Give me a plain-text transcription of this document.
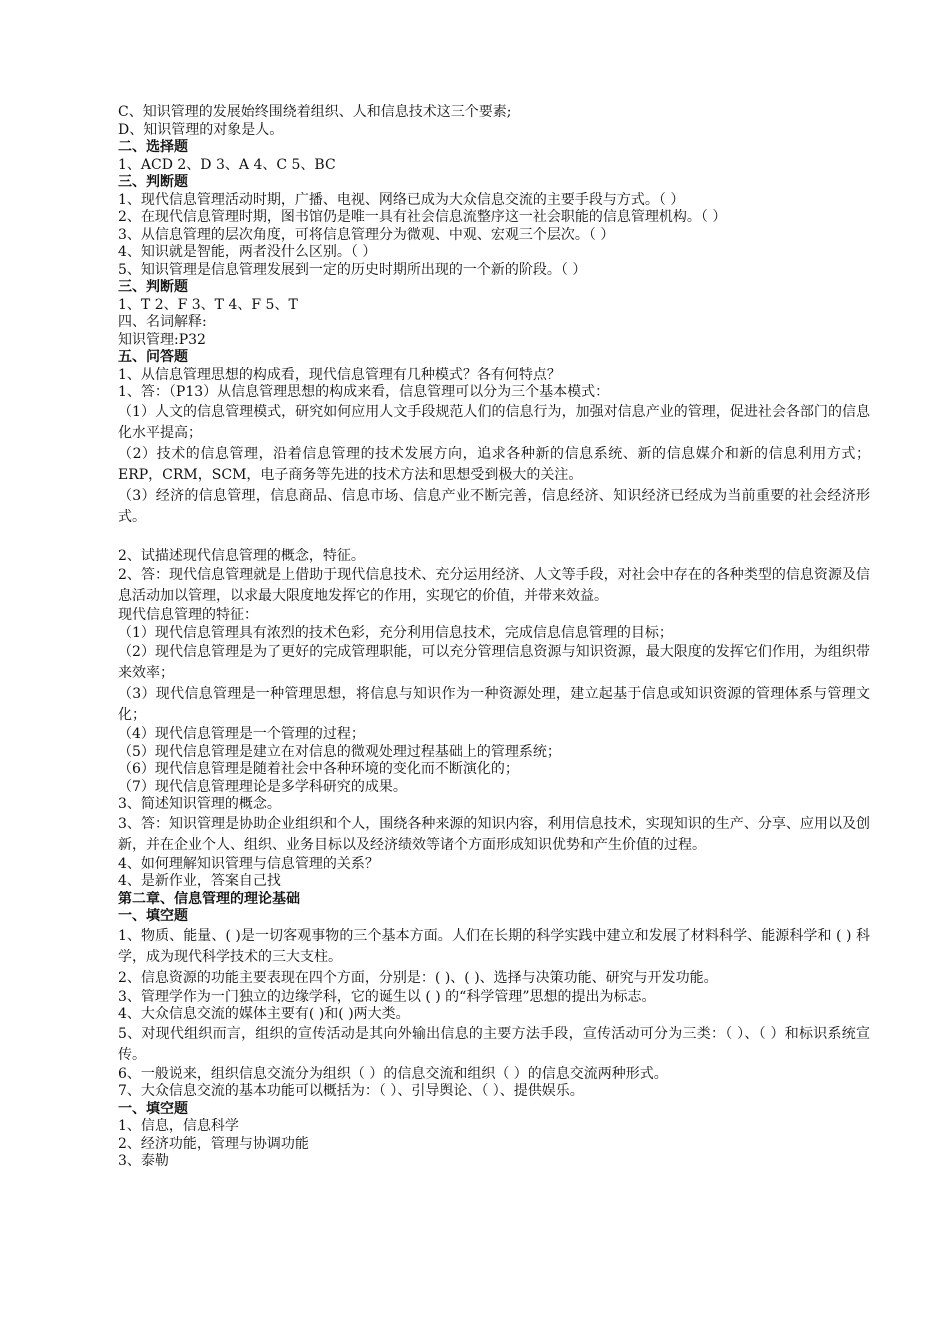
C、知识管理的发展始终围绕着组织、人和信息技术这三个要素;
D、知识管理的对象是人。
二、选择题
1、ACD 2、D 3、A 4、C 5、BC
三、判断题
1、现代信息管理活动时期，广播、电视、网络已成为大众信息交流的主要手段与方式。（ ）
2、在现代信息管理时期，图书馆仍是唯一具有社会信息流整序这一社会职能的信息管理机构。（ ）
3、从信息管理的层次角度，可将信息管理分为微观、中观、宏观三个层次。（ ）
4、知识就是智能，两者没什么区别。（ ）
5、知识管理是信息管理发展到一定的历史时期所出现的一个新的阶段。（ ）
三、判断题
1、T 2、F 3、T 4、F 5、T
四、名词解释:
知识管理:P32
五、问答题
1、从信息管理思想的构成看，现代信息管理有几种模式？各有何特点？
1、答：（P13）从信息管理思想的构成来看，信息管理可以分为三个基本模式：
（1）人文的信息管理模式，研究如何应用人文手段规范人们的信息行为，加强对信息产业的管理，促进社会各部门的信息化水平提高；
（2）技术的信息管理，沿着信息管理的技术发展方向，追求各种新的信息系统、新的信息媒介和新的信息利用方式；ERP，CRM，SCM，电子商务等先进的技术方法和思想受到极大的关注。
（3）经济的信息管理，信息商品、信息市场、信息产业不断完善，信息经济、知识经济已经成为当前重要的社会经济形式。
2、试描述现代信息管理的概念，特征。
2、答：现代信息管理就是上借助于现代信息技术、充分运用经济、人文等手段，对社会中存在的各种类型的信息资源及信息活动加以管理，以求最大限度地发挥它的作用，实现它的价值，并带来效益。
现代信息管理的特征：
（1）现代信息管理具有浓烈的技术色彩，充分利用信息技术，完成信息信息管理的目标；
（2）现代信息管理是为了更好的完成管理职能，可以充分管理信息资源与知识资源，最大限度的发挥它们作用，为组织带来效率；
（3）现代信息管理是一种管理思想，将信息与知识作为一种资源处理，建立起基于信息或知识资源的管理体系与管理文化；
（4）现代信息管理是一个管理的过程；
（5）现代信息管理是建立在对信息的微观处理过程基础上的管理系统；
（6）现代信息管理是随着社会中各种环境的变化而不断演化的；
（7）现代信息管理理论是多学科研究的成果。
3、简述知识管理的概念。
3、答：知识管理是协助企业组织和个人，围绕各种来源的知识内容，利用信息技术，实现知识的生产、分享、应用以及创新，并在企业个人、组织、业务目标以及经济绩效等诸个方面形成知识优势和产生价值的过程。
4、如何理解知识管理与信息管理的关系？
4、是新作业，答案自己找
第二章、信息管理的理论基础
一、填空题
1、物质、能量、( )是一切客观事物的三个基本方面。人们在长期的科学实践中建立和发展了材料科学、能源科学和 ( ) 科学，成为现代科学技术的三大支柱。
2、信息资源的功能主要表现在四个方面，分别是：( )、( )、选择与决策功能、研究与开发功能。
3、管理学作为一门独立的边缘学科，它的诞生以 ( ) 的“科学管理”思想的提出为标志。
4、大众信息交流的媒体主要有( )和( )两大类。
5、对现代组织而言，组织的宣传活动是其向外输出信息的主要方法手段，宣传活动可分为三类：（ ）、（ ）和标识系统宣传。
6、一般说来，组织信息交流分为组织（ ）的信息交流和组织（ ）的信息交流两种形式。
7、大众信息交流的基本功能可以概括为：（ ）、引导舆论、（ ）、提供娱乐。
一、填空题
1、信息，信息科学
2、经济功能，管理与协调功能
3、泰勒
